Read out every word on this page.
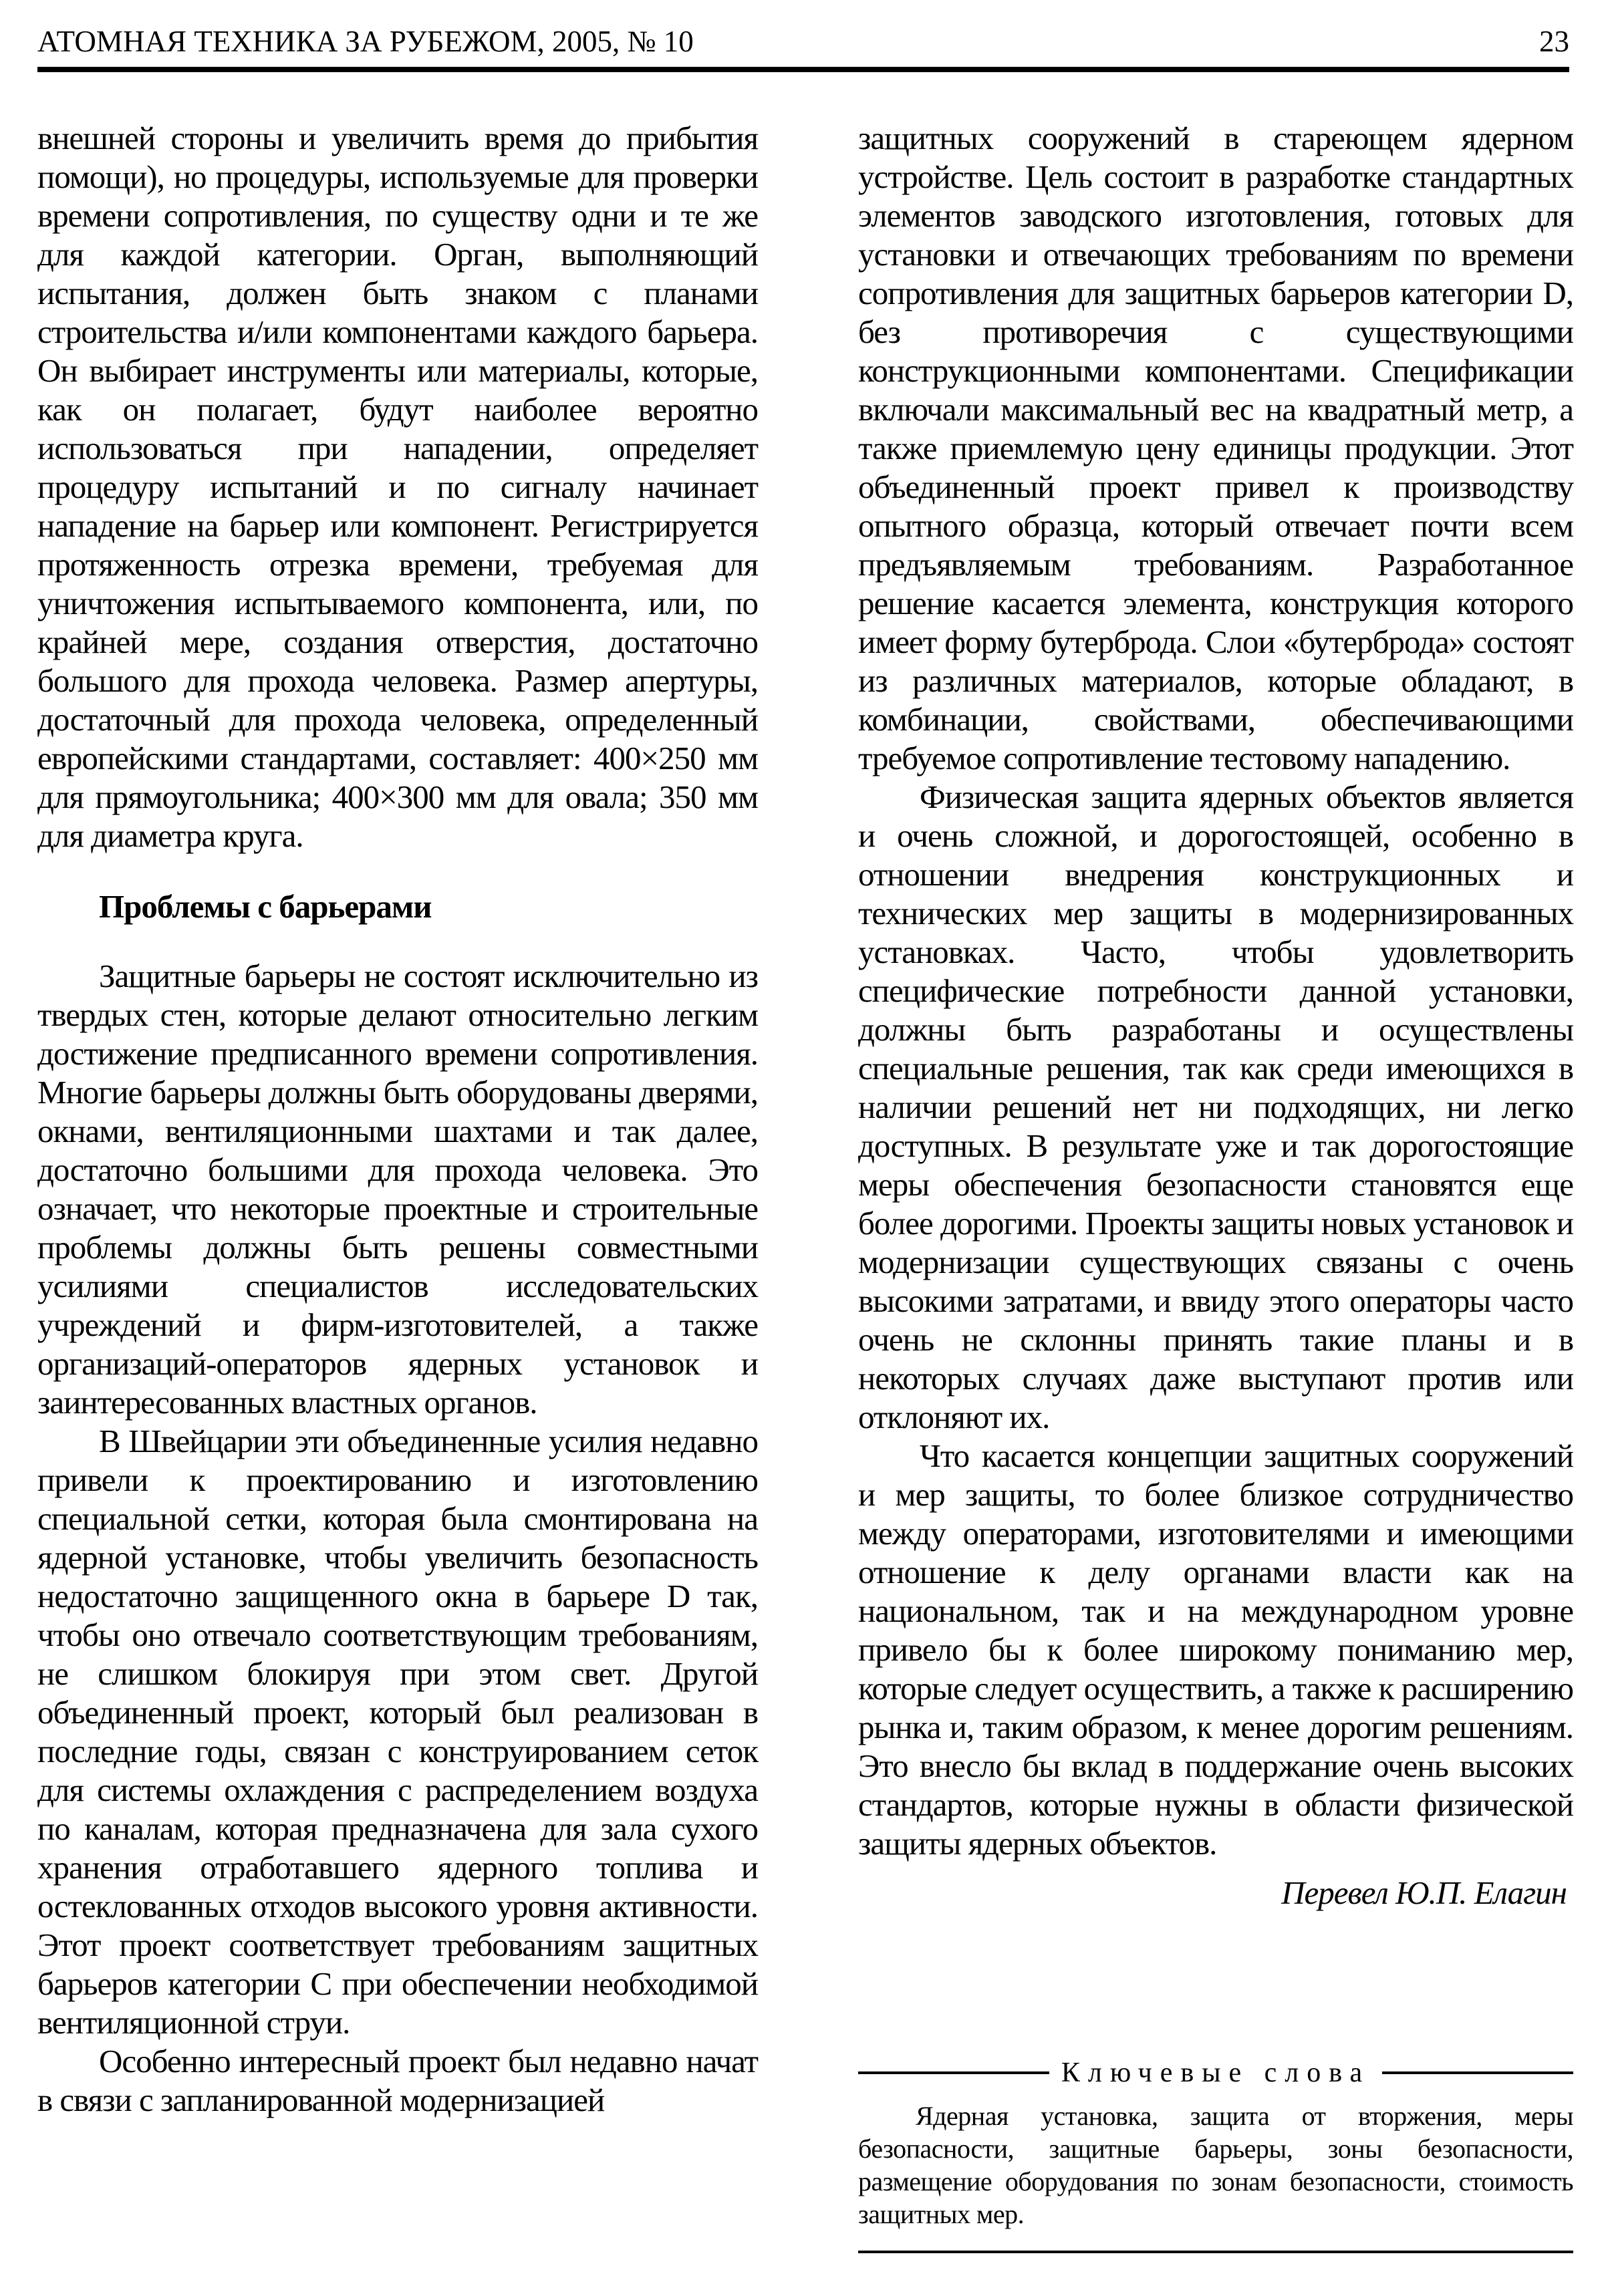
АТОМНАЯ ТЕХНИКА ЗА РУБЕЖОМ, 2005, № 10	23

внешней стороны и увеличить время до прибытия помощи), но процедуры, используемые для проверки времени сопротивления, по существу одни и те же для каждой категории. Орган, выполняющий испытания, должен быть знаком с планами строительства и/или компонентами каждого барьера. Он выбирает инструменты или материалы, которые, как он полагает, будут наиболее вероятно использоваться при нападении, определяет процедуру испытаний и по сигналу начинает нападение на барьер или компонент. Регистрируется протяженность отрезка времени, требуемая для уничтожения испытываемого компонента, или, по крайней мере, создания отверстия, достаточно большого для прохода человека. Размер апертуры, достаточный для прохода человека, определенный европейскими стандартами, составляет: 400×250 мм для прямоугольника; 400×300 мм для овала; 350 мм для диаметра круга.

Проблемы с барьерами

Защитные барьеры не состоят исключительно из твердых стен, которые делают относительно легким достижение предписанного времени сопротивления. Многие барьеры должны быть оборудованы дверями, окнами, вентиляционными шахтами и так далее, достаточно большими для прохода человека. Это означает, что некоторые проектные и строительные проблемы должны быть решены совместными усилиями специалистов исследовательских учреждений и фирм-изготовителей, а также организаций-операторов ядерных установок и заинтересованных властных органов.

В Швейцарии эти объединенные усилия недавно привели к проектированию и изготовлению специальной сетки, которая была смонтирована на ядерной установке, чтобы увеличить безопасность недостаточно защищенного окна в барьере D так, чтобы оно отвечало соответствующим требованиям, не слишком блокируя при этом свет. Другой объединенный проект, который был реализован в последние годы, связан с конструированием сеток для системы охлаждения с распределением воздуха по каналам, которая предназначена для зала сухого хранения отработавшего ядерного топлива и остеклованных отходов высокого уровня активности. Этот проект соответствует требованиям защитных барьеров категории C при обеспечении необходимой вентиляционной струи.

Особенно интересный проект был недавно начат в связи с запланированной модернизацией

защитных сооружений в стареющем ядерном устройстве. Цель состоит в разработке стандартных элементов заводского изготовления, готовых для установки и отвечающих требованиям по времени сопротивления для защитных барьеров категории D, без противоречия с существующими конструкционными компонентами. Спецификации включали максимальный вес на квадратный метр, а также приемлемую цену единицы продукции. Этот объединенный проект привел к производству опытного образца, который отвечает почти всем предъявляемым требованиям. Разработанное решение касается элемента, конструкция которого имеет форму бутерброда. Слои «бутерброда» состоят из различных материалов, которые обладают, в комбинации, свойствами, обеспечивающими требуемое сопротивление тестовому нападению.

Физическая защита ядерных объектов является и очень сложной, и дорогостоящей, особенно в отношении внедрения конструкционных и технических мер защиты в модернизированных установках. Часто, чтобы удовлетворить специфические потребности данной установки, должны быть разработаны и осуществлены специальные решения, так как среди имеющихся в наличии решений нет ни подходящих, ни легко доступных. В результате уже и так дорогостоящие меры обеспечения безопасности становятся еще более дорогими. Проекты защиты новых установок и модернизации существующих связаны с очень высокими затратами, и ввиду этого операторы часто очень не склонны принять такие планы и в некоторых случаях даже выступают против или отклоняют их.

Что касается концепции защитных сооружений и мер защиты, то более близкое сотрудничество между операторами, изготовителями и имеющими отношение к делу органами власти как на национальном, так и на международном уровне привело бы к более широкому пониманию мер, которые следует осуществить, а также к расширению рынка и, таким образом, к менее дорогим решениям. Это внесло бы вклад в поддержание очень высоких стандартов, которые нужны в области физической защиты ядерных объектов.

Перевел Ю.П. Елагин

Ключевые слова

Ядерная установка, защита от вторжения, меры безопасности, защитные барьеры, зоны безопасности, размещение оборудования по зонам безопасности, стоимость защитных мер.
